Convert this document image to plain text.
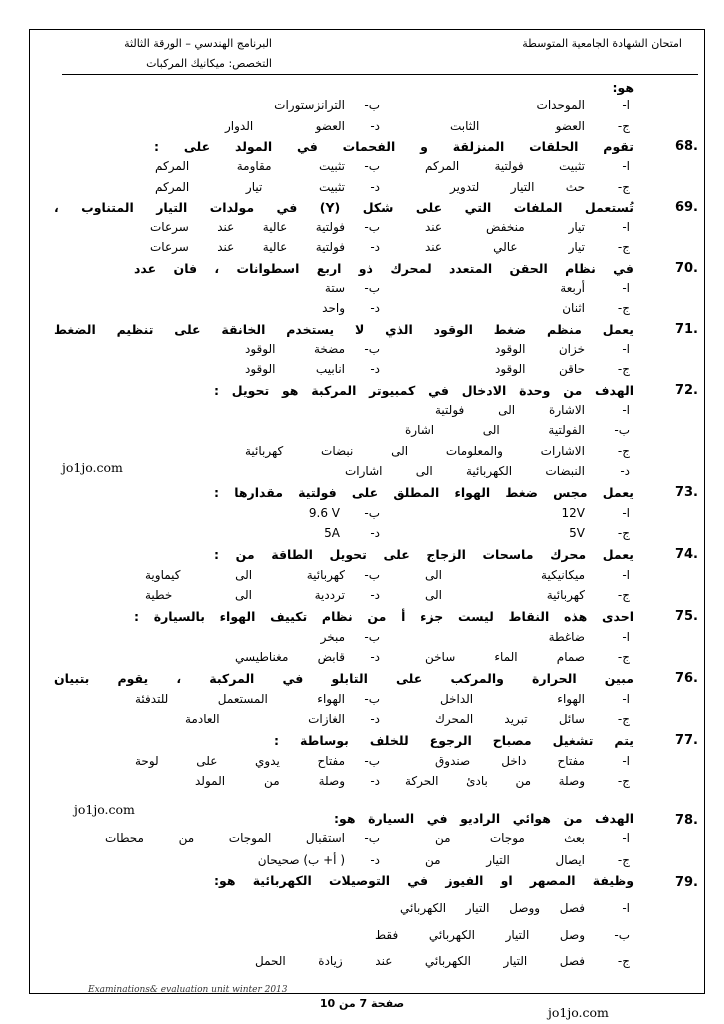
امتحان الشهادة الجامعية المتوسطة
البرنامج الهندسي – الورقة الثالثة
التخصص: ميكانيك المركبات
هو:
ا-
الموحدات
ب-
الترانزستورات
ج-
العضو الثابت
د-
العضو الدوار
68.
تقوم الحلقات المنزلقة و الفحمات في المولد على :
ا-
تثبيت فولتية المركم
ب-
تثبيت مقاومة المركم
ج-
حث التيار لتدوير
د-
تثبيت تيار المركم
69.
تُستعمل الملفات التي على شكل (Y) في مولدات التيار المتناوب ،
ا-
تيار منخفض عند
ب-
فولتية عالية عند سرعات
ج-
تيار عالي عند
د-
فولتية عالية عند سرعات
70.
في نظام الحقن المتعدد لمحرك ذو اربع اسطوانات ، فان عدد
ا-
أربعة
ب-
ستة
ج-
اثنان
د-
واحد
71.
يعمل منظم ضغط الوقود الذي لا يستخدم الخانقة على تنظيم الضغط
ا-
خزان الوقود
ب-
مضخة الوقود
ج-
حاقن الوقود
د-
انابيب الوقود
72.
الهدف من وحدة الادخال في كمبيوتر المركبة هو تحويل :
ا-
الاشارة الى فولتية
ب-
الفولتية الى اشارة
ج-
الاشارات والمعلومات الى نبضات كهربائية
د-
النبضات الكهربائية الى اشارات
jo1jo.com
73.
يعمل مجس ضغط الهواء المطلق على فولتية مقدارها :
ا-
12V
ب-
9.6 V
ج-
5V
د-
5A
74.
يعمل محرك ماسحات الزجاج على تحويل الطاقة من :
ا-
ميكانيكية الى
ب-
كهربائية الى كيماوية
ج-
كهربائية الى
د-
ترددية الى خطية
75.
احدى هذه النقاط ليست جزء أ من نظام تكييف الهواء بالسيارة :
ا-
ضاغطة
ب-
مبخر
ج-
صمام الماء ساخن
د-
قابض مغناطيسي
76.
مبين الحرارة والمركب على التابلو في المركبة ، يقوم بتبيان
ا-
الهواء الداخل
ب-
الهواء المستعمل للتدفئة
ج-
سائل تبريد المحرك
د-
الغازات العادمة
77.
يتم تشغيل مصباح الرجوع للخلف بوساطة :
ا-
مفتاح داخل صندوق
ب-
مفتاح يدوي على لوحة
ج-
وصلة من بادئ الحركة
د-
وصلة من المولد
jo1jo.com
78.
الهدف من هوائي الراديو في السيارة هو:
ا-
بعث موجات من
ب-
استقبال الموجات من محطات
ج-
ايصال التيار من
د-
( أ+ ب) صحيحان
79.
وظيفة المصهر او الفيوز في التوصيلات الكهربائية هو:
ا-
فصل ووصل التيار الكهربائي
ب-
وصل التيار الكهربائي فقط
ج-
فصل التيار الكهربائي عند زيادة الحمل
Examinations& evaluation unit winter 2013
صفحة 7 من 10
jo1jo.com
